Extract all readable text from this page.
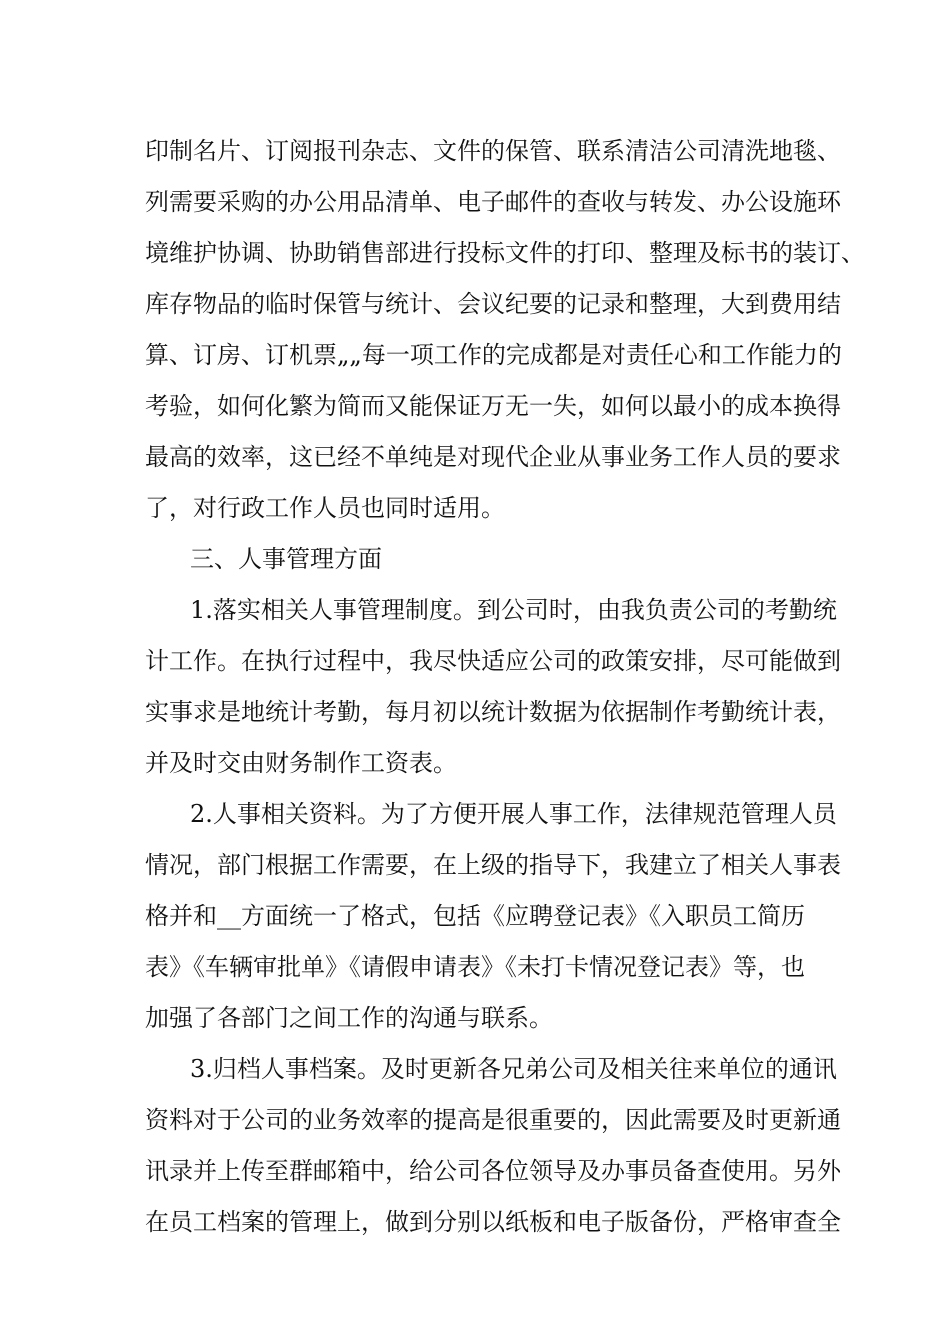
印制名片、订阅报刊杂志、文件的保管、联系清洁公司清洗地毯、

列需要采购的办公用品清单、电子邮件的查收与转发、办公设施环

境维护协调、协助销售部进行投标文件的打印、整理及标书的装订、

库存物品的临时保管与统计、会议纪要的记录和整理，大到费用结

算、订房、订机票„„每一项工作的完成都是对责任心和工作能力的

考验，如何化繁为简而又能保证万无一失，如何以最小的成本换得

最高的效率，这已经不单纯是对现代企业从事业务工作人员的要求

了，对行政工作人员也同时适用。

三、人事管理方面

1.落实相关人事管理制度。到公司时，由我负责公司的考勤统

计工作。在执行过程中，我尽快适应公司的政策安排，尽可能做到

实事求是地统计考勤，每月初以统计数据为依据制作考勤统计表，

并及时交由财务制作工资表。

2.人事相关资料。为了方便开展人事工作，法律规范管理人员

情况，部门根据工作需要，在上级的指导下，我建立了相关人事表

格并和__方面统一了格式，包括《应聘登记表》《入职员工简历

表》《车辆审批单》《请假申请表》《未打卡情况登记表》等，也

加强了各部门之间工作的沟通与联系。

3.归档人事档案。及时更新各兄弟公司及相关往来单位的通讯

资料对于公司的业务效率的提高是很重要的，因此需要及时更新通

讯录并上传至群邮箱中，给公司各位领导及办事员备查使用。另外

在员工档案的管理上，做到分别以纸板和电子版备份，严格审查全
